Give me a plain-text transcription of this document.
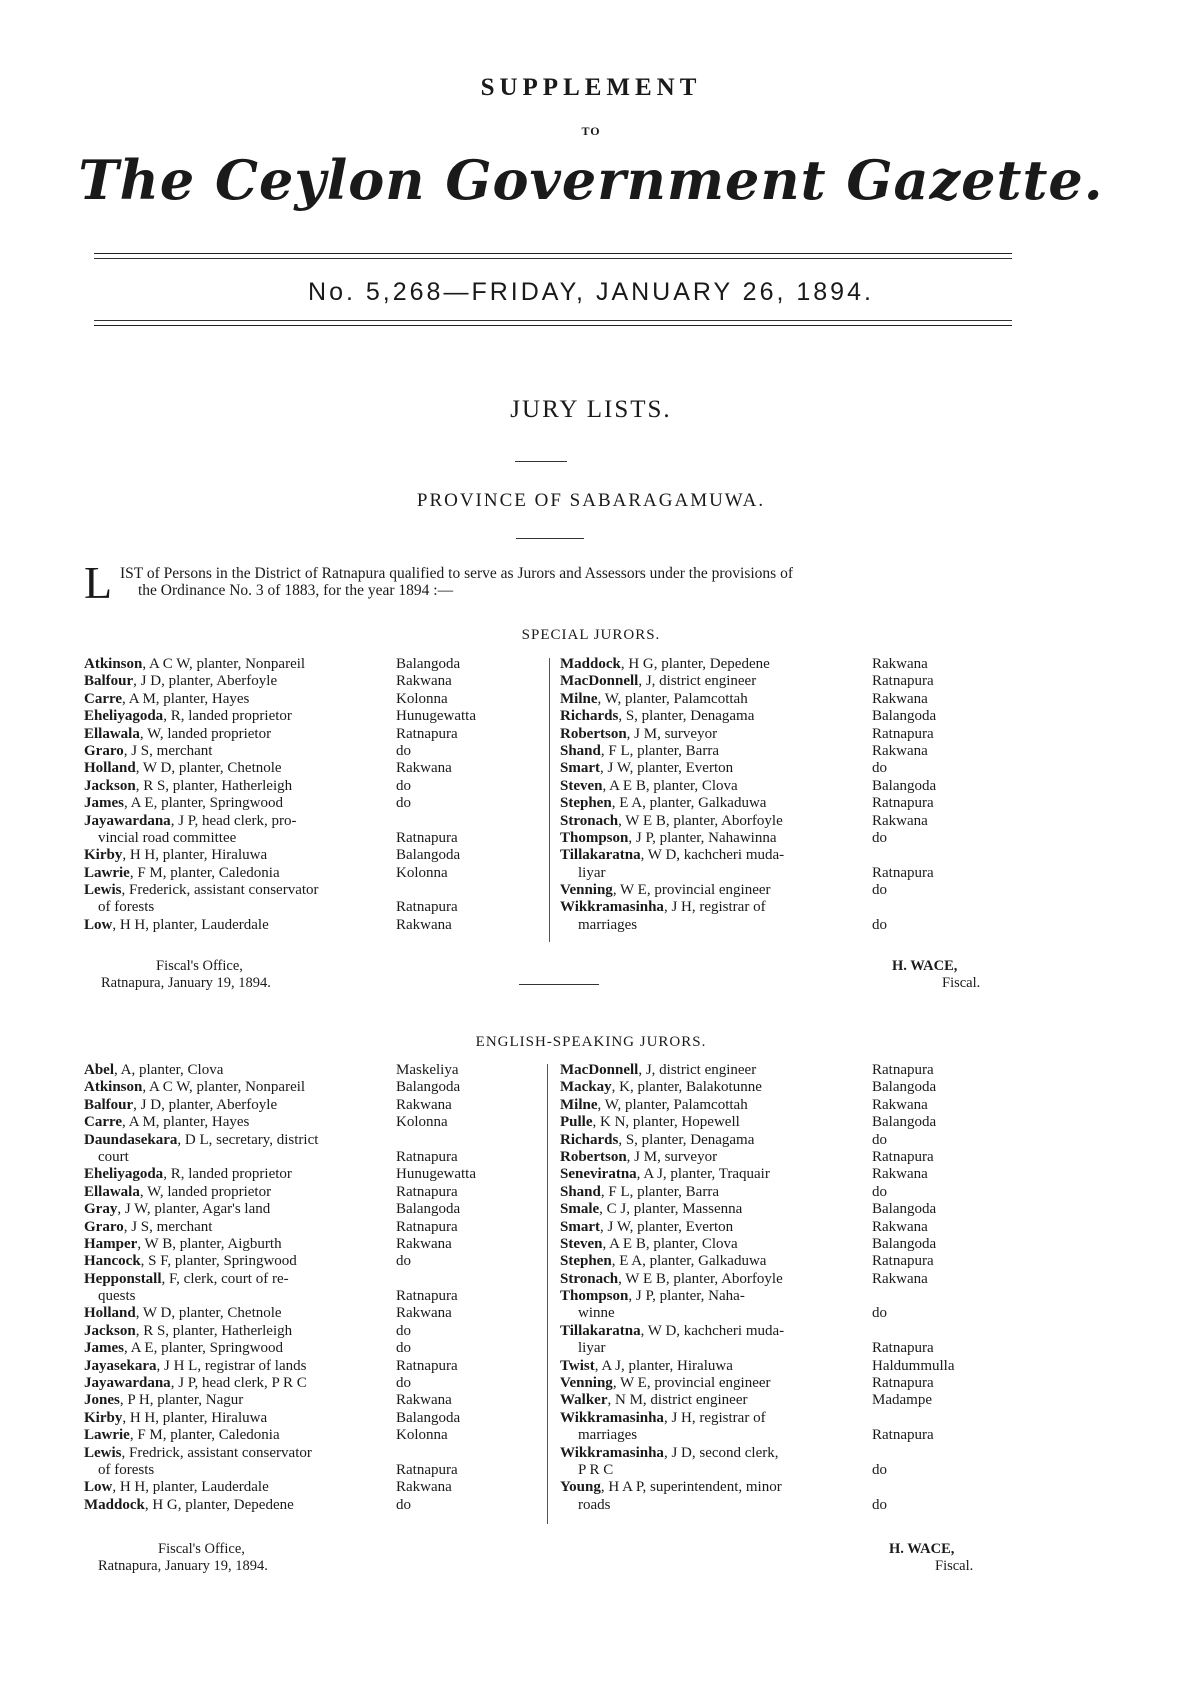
SUPPLEMENT
TO
The Ceylon Government Gazette.
No. 5,268—FRIDAY, JANUARY 26, 1894.
JURY LISTS.
PROVINCE OF SABARAGAMUWA.
L IST of Persons in the District of Ratnapura qualified to serve as Jurors and Assessors under the provisions of
the Ordinance No. 3 of 1883, for the year 1894 :—
SPECIAL JURORS.
Atkinson, A C W, planter, Nonpareil	Balangoda
Balfour, J D, planter, Aberfoyle	Rakwana
Carre, A M, planter, Hayes	Kolonna
Eheliyagoda, R, landed proprietor	Hunugewatta
Ellawala, W, landed proprietor	Ratnapura
Graro, J S, merchant	do
Holland, W D, planter, Chetnole	Rakwana
Jackson, R S, planter, Hatherleigh	do
James, A E, planter, Springwood	do
Jayawardana, J P, head clerk, pro-
vincial road committee	Ratnapura
Kirby, H H, planter, Hiraluwa	Balangoda
Lawrie, F M, planter, Caledonia	Kolonna
Lewis, Frederick, assistant conservator
of forests	Ratnapura
Low, H H, planter, Lauderdale	Rakwana
Maddock, H G, planter, Depedene	Rakwana
MacDonnell, J, district engineer	Ratnapura
Milne, W, planter, Palamcottah	Rakwana
Richards, S, planter, Denagama	Balangoda
Robertson, J M, surveyor	Ratnapura
Shand, F L, planter, Barra	Rakwana
Smart, J W, planter, Everton	do
Steven, A E B, planter, Clova	Balangoda
Stephen, E A, planter, Galkaduwa	Ratnapura
Stronach, W E B, planter, Aborfoyle	Rakwana
Thompson, J P, planter, Nahawinna	do
Tillakaratna, W D, kachcheri muda-
liyar	Ratnapura
Venning, W E, provincial engineer	do
Wikkramasinha, J H, registrar of
marriages	do
Fiscal's Office,
Ratnapura, January 19, 1894.
H. WACE,
Fiscal.
ENGLISH-SPEAKING JURORS.
Abel, A, planter, Clova	Maskeliya
Atkinson, A C W, planter, Nonpareil	Balangoda
Balfour, J D, planter, Aberfoyle	Rakwana
Carre, A M, planter, Hayes	Kolonna
Daundasekara, D L, secretary, district
court	Ratnapura
Eheliyagoda, R, landed proprietor	Hunugewatta
Ellawala, W, landed proprietor	Ratnapura
Gray, J W, planter, Agar's land	Balangoda
Graro, J S, merchant	Ratnapura
Hamper, W B, planter, Aigburth	Rakwana
Hancock, S F, planter, Springwood	do
Hepponstall, F, clerk, court of re-
quests	Ratnapura
Holland, W D, planter, Chetnole	Rakwana
Jackson, R S, planter, Hatherleigh	do
James, A E, planter, Springwood	do
Jayasekara, J H L, registrar of lands	Ratnapura
Jayawardana, J P, head clerk, P R C	do
Jones, P H, planter, Nagur	Rakwana
Kirby, H H, planter, Hiraluwa	Balangoda
Lawrie, F M, planter, Caledonia	Kolonna
Lewis, Fredrick, assistant conservator
of forests	Ratnapura
Low, H H, planter, Lauderdale	Rakwana
Maddock, H G, planter, Depedene	do
MacDonnell, J, district engineer	Ratnapura
Mackay, K, planter, Balakotunne	Balangoda
Milne, W, planter, Palamcottah	Rakwana
Pulle, K N, planter, Hopewell	Balangoda
Richards, S, planter, Denagama	do
Robertson, J M, surveyor	Ratnapura
Seneviratna, A J, planter, Traquair	Rakwana
Shand, F L, planter, Barra	do
Smale, C J, planter, Massenna	Balangoda
Smart, J W, planter, Everton	Rakwana
Steven, A E B, planter, Clova	Balangoda
Stephen, E A, planter, Galkaduwa	Ratnapura
Stronach, W E B, planter, Aborfoyle	Rakwana
Thompson, J P, planter, Naha-
winne	do
Tillakaratna, W D, kachcheri muda-
liyar	Ratnapura
Twist, A J, planter, Hiraluwa	Haldummulla
Venning, W E, provincial engineer	Ratnapura
Walker, N M, district engineer	Madampe
Wikkramasinha, J H, registrar of
marriages	Ratnapura
Wikkramasinha, J D, second clerk,
P R C	do
Young, H A P, superintendent, minor
roads	do
Fiscal's Office,
Ratnapura, January 19, 1894.
H. WACE,
Fiscal.
